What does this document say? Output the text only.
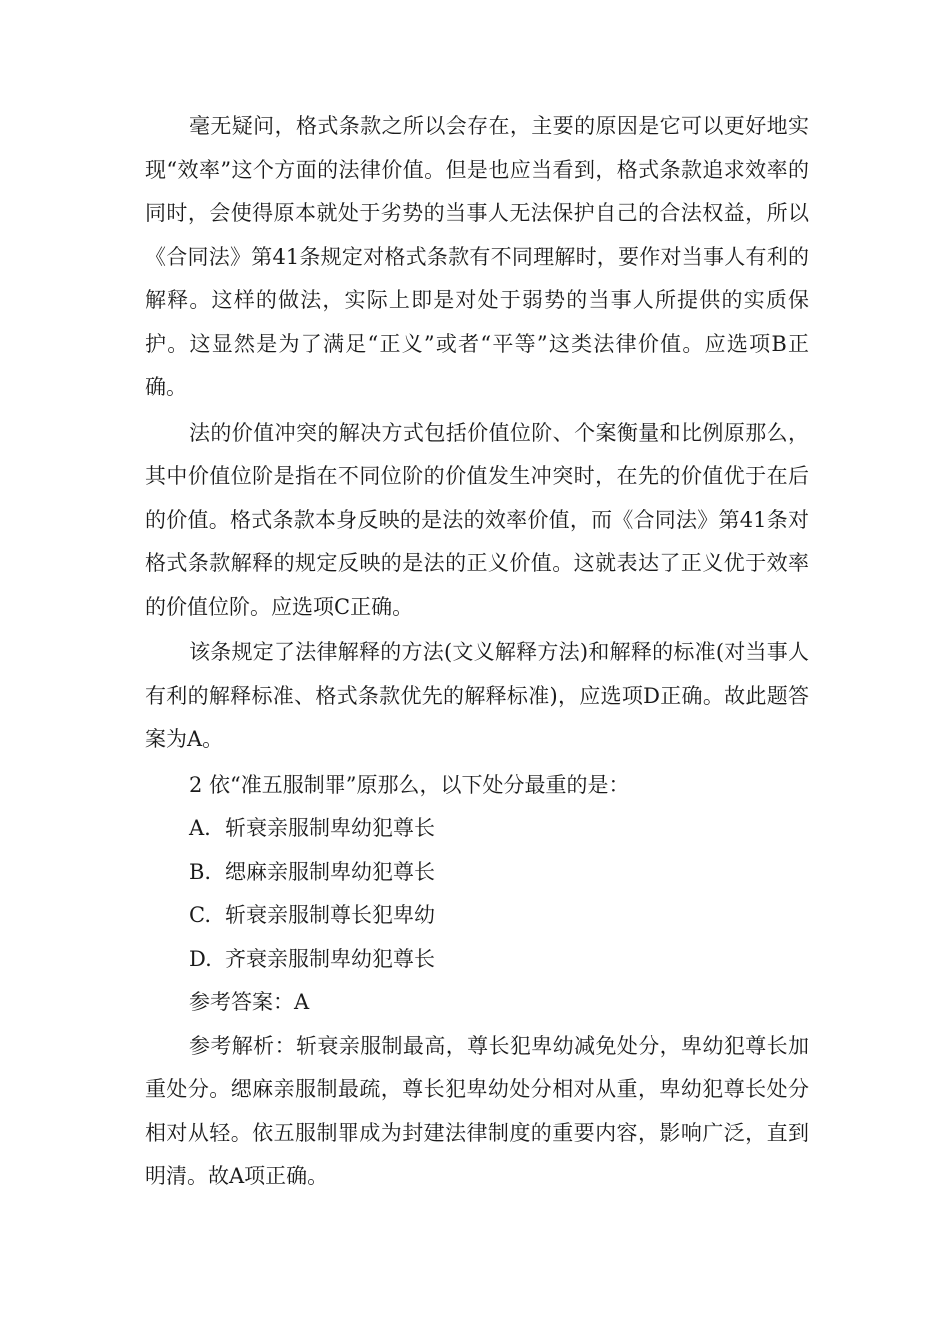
毫无疑问，格式条款之所以会存在，主要的原因是它可以更好地实现“效率”这个方面的法律价值。但是也应当看到，格式条款追求效率的同时，会使得原本就处于劣势的当事人无法保护自己的合法权益，所以《合同法》第41条规定对格式条款有不同理解时，要作对当事人有利的解释。这样的做法，实际上即是对处于弱势的当事人所提供的实质保护。这显然是为了满足“正义”或者“平等”这类法律价值。应选项B正确。

法的价值冲突的解决方式包括价值位阶、个案衡量和比例原那么，其中价值位阶是指在不同位阶的价值发生冲突时，在先的价值优于在后的价值。格式条款本身反映的是法的效率价值，而《合同法》第41条对格式条款解释的规定反映的是法的正义价值。这就表达了正义优于效率的价值位阶。应选项C正确。

该条规定了法律解释的方法(文义解释方法)和解释的标准(对当事人有利的解释标准、格式条款优先的解释标准)，应选项D正确。故此题答案为A。

2 依“准五服制罪”原那么，以下处分最重的是：

A. 斩衰亲服制卑幼犯尊长

B. 缌麻亲服制卑幼犯尊长

C. 斩衰亲服制尊长犯卑幼

D. 齐衰亲服制卑幼犯尊长

参考答案：A

参考解析：斩衰亲服制最高，尊长犯卑幼减免处分，卑幼犯尊长加重处分。缌麻亲服制最疏，尊长犯卑幼处分相对从重，卑幼犯尊长处分相对从轻。依五服制罪成为封建法律制度的重要内容，影响广泛，直到明清。故A项正确。
